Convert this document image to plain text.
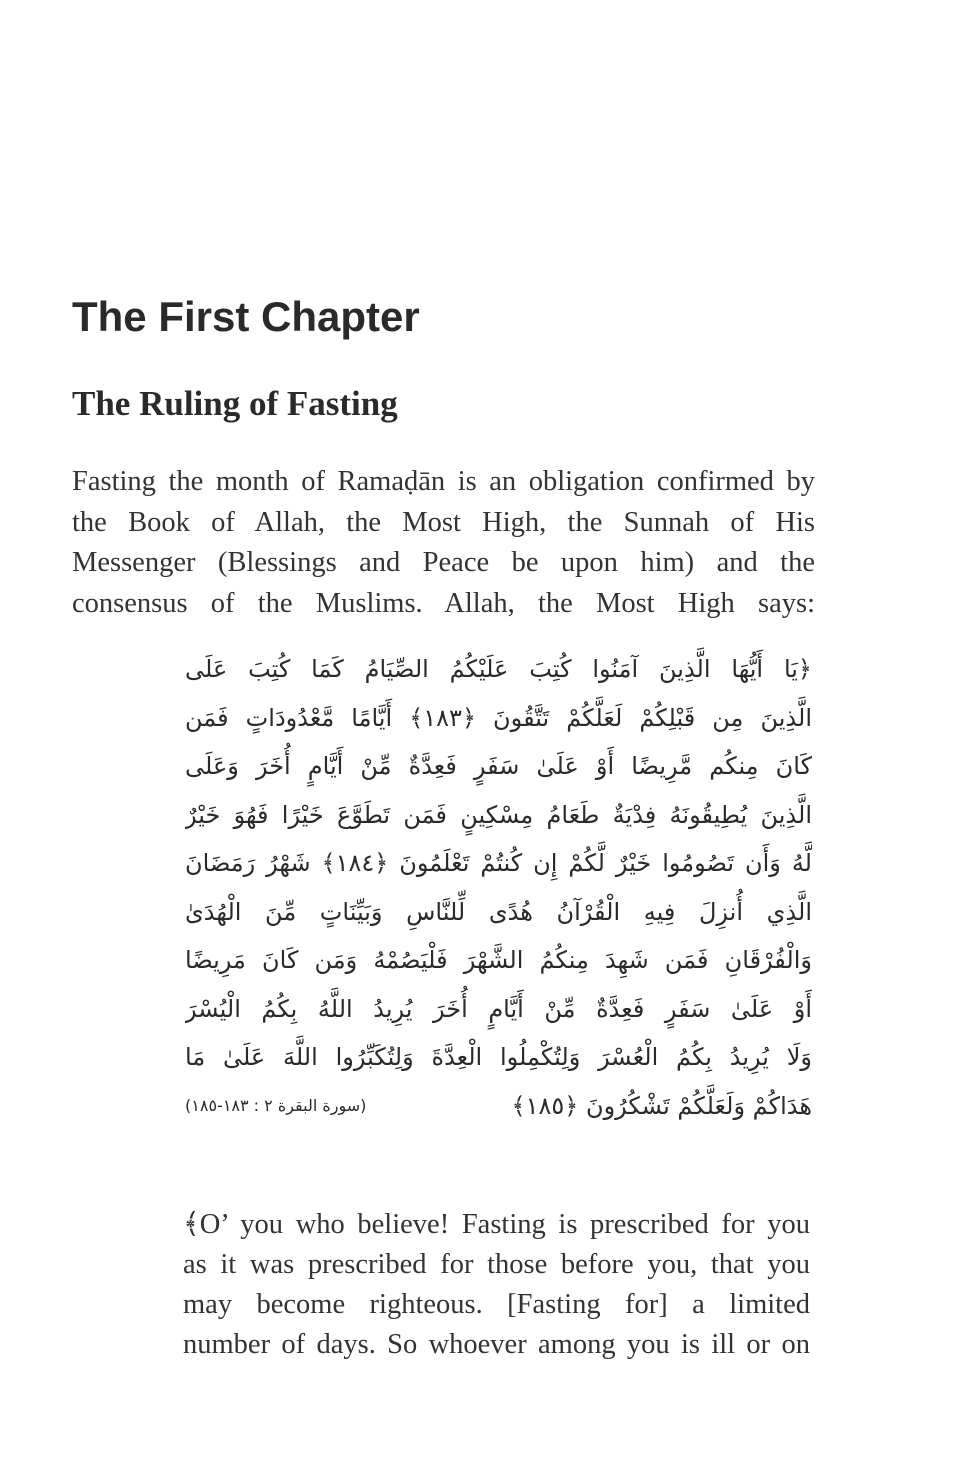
The First Chapter
The Ruling of Fasting
Fasting the month of Ramaḍān is an obligation confirmed by
the Book of Allah, the Most High, the Sunnah of His
Messenger (Blessings and Peace be upon him) and the
consensus of the Muslims. Allah, the Most High says:
﴿يَا أَيُّهَا الَّذِينَ آمَنُوا كُتِبَ عَلَيْكُمُ الصِّيَامُ كَمَا كُتِبَ عَلَى
الَّذِينَ مِن قَبْلِكُمْ لَعَلَّكُمْ تَتَّقُونَ ﴿١٨٣﴾ أَيَّامًا مَّعْدُودَاتٍ فَمَن
كَانَ مِنكُم مَّرِيضًا أَوْ عَلَىٰ سَفَرٍ فَعِدَّةٌ مِّنْ أَيَّامٍ أُخَرَ وَعَلَى
الَّذِينَ يُطِيقُونَهُ فِدْيَةٌ طَعَامُ مِسْكِينٍ فَمَن تَطَوَّعَ خَيْرًا فَهُوَ خَيْرٌ
لَّهُ وَأَن تَصُومُوا خَيْرٌ لَّكُمْ إِن كُنتُمْ تَعْلَمُونَ ﴿١٨٤﴾ شَهْرُ رَمَضَانَ
الَّذِي أُنزِلَ فِيهِ الْقُرْآنُ هُدًى لِّلنَّاسِ وَبَيِّنَاتٍ مِّنَ الْهُدَىٰ
وَالْفُرْقَانِ فَمَن شَهِدَ مِنكُمُ الشَّهْرَ فَلْيَصُمْهُ وَمَن كَانَ مَرِيضًا
أَوْ عَلَىٰ سَفَرٍ فَعِدَّةٌ مِّنْ أَيَّامٍ أُخَرَ يُرِيدُ اللَّهُ بِكُمُ الْيُسْرَ
وَلَا يُرِيدُ بِكُمُ الْعُسْرَ وَلِتُكْمِلُوا الْعِدَّةَ وَلِتُكَبِّرُوا اللَّهَ عَلَىٰ مَا
هَدَاكُمْ وَلَعَلَّكُمْ تَشْكُرُونَ ﴿١٨٥﴾
(سورة البقرة ٢ : ١٨٣-١٨٥)
﴾O’ you who believe! Fasting is prescribed for you
as it was prescribed for those before you, that you
may become righteous. [Fasting for] a limited
number of days. So whoever among you is ill or on
